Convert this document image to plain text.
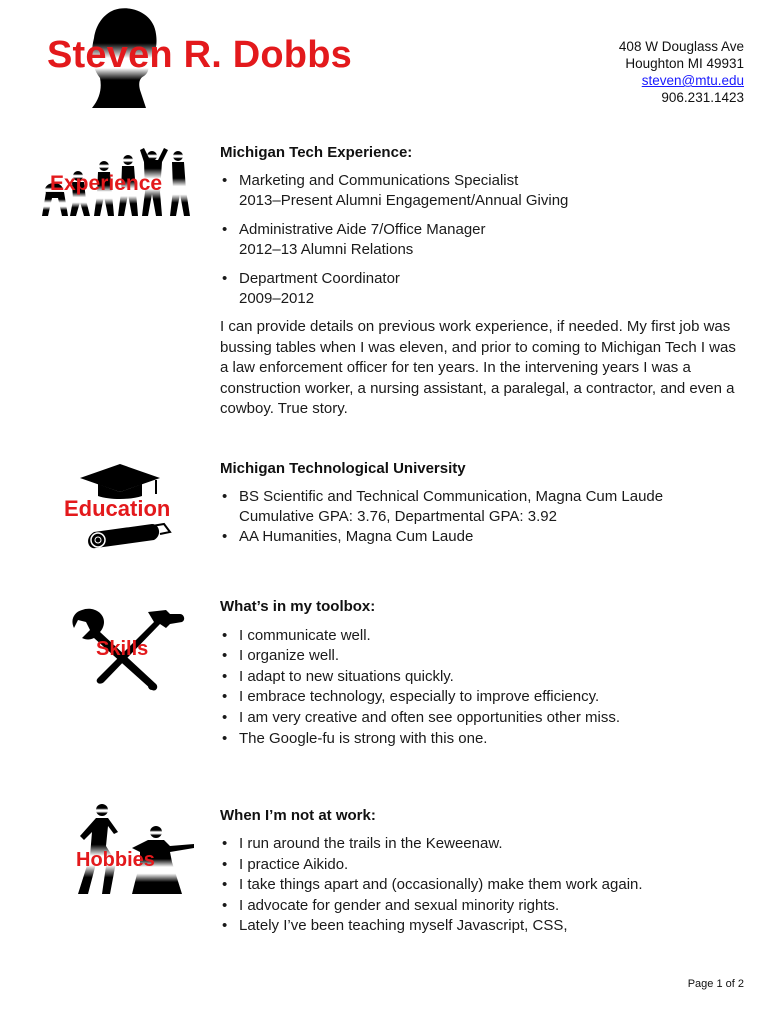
Steven R. Dobbs	408 W Douglass Ave
Houghton MI 49931
steven@mtu.edu
906.231.1423
Experience
Michigan Tech Experience:
• Marketing and Communications Specialist
2013–Present Alumni Engagement/Annual Giving
• Administrative Aide 7/Office Manager
2012–13 Alumni Relations
• Department Coordinator
2009–2012

I can provide details on previous work experience, if needed. My first job was bussing tables when I was eleven, and prior to coming to Michigan Tech I was a law enforcement officer for ten years. In the intervening years I was a construction worker, a nursing assistant, a paralegal, a contractor, and even a cowboy. True story.

Education
Michigan Technological University
• BS Scientific and Technical Communication, Magna Cum Laude
Cumulative GPA: 3.76, Departmental GPA: 3.92
• AA Humanities, Magna Cum Laude
Skills
What’s in my toolbox:
• I communicate well.
• I organize well.
• I adapt to new situations quickly.
• I embrace technology, especially to improve efficiency.
• I am very creative and often see opportunities other miss.
• The Google-fu is strong with this one.
Hobbies
When I’m not at work:
• I run around the trails in the Keweenaw.
• I practice Aikido.
• I take things apart and (occasionally) make them work again.
• I advocate for gender and sexual minority rights.
• Lately I’ve been teaching myself Javascript, CSS,
Page 1 of 2
